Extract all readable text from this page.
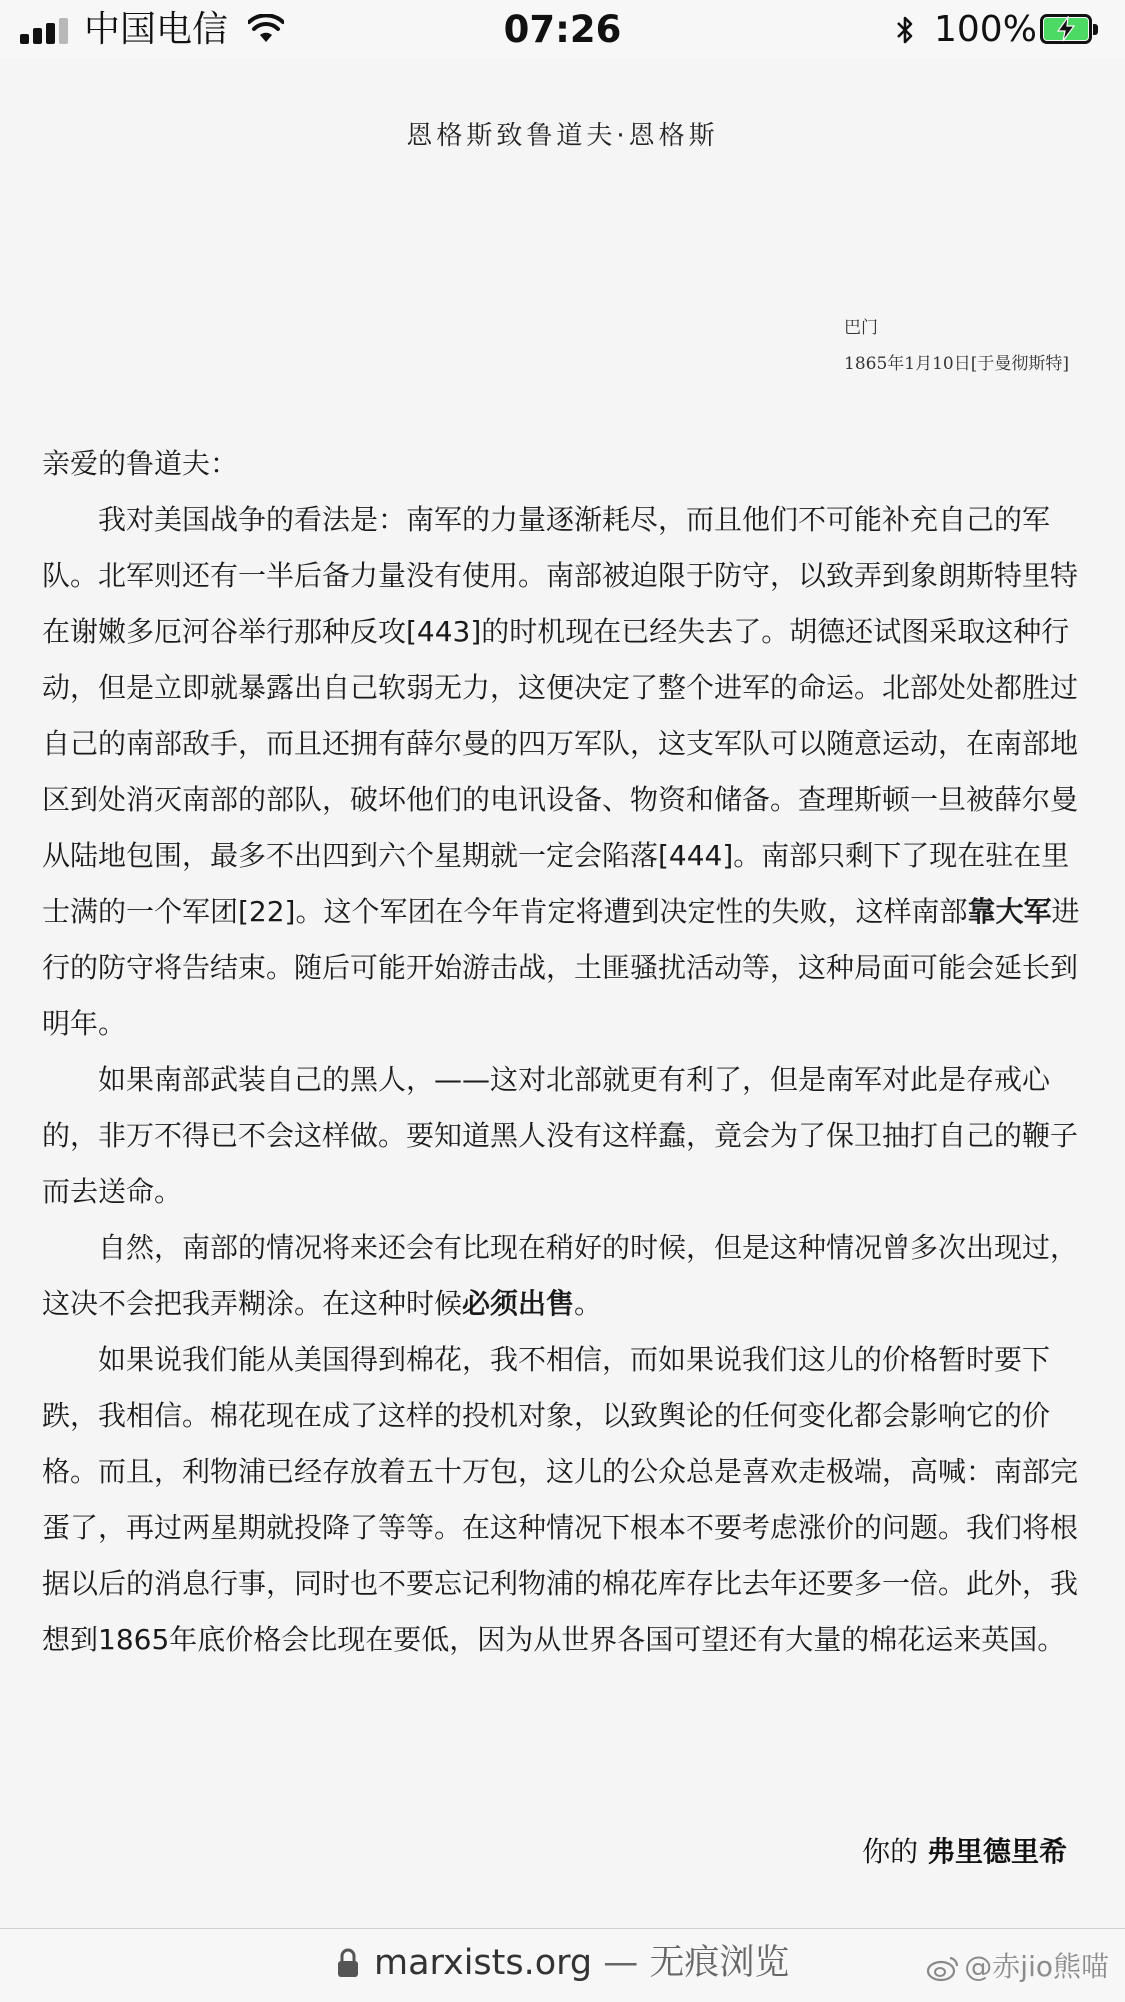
中国电信	07:26	100%
恩格斯致鲁道夫·恩格斯
巴门
1865年1月10日[于曼彻斯特]

亲爱的鲁道夫：

我对美国战争的看法是：南军的力量逐渐耗尽，而且他们不可能补充自己的军队。北军则还有一半后备力量没有使用。南部被迫限于防守，以致弄到象朗斯特里特在谢嫩多厄河谷举行那种反攻[443]的时机现在已经失去了。胡德还试图采取这种行动，但是立即就暴露出自己软弱无力，这便决定了整个进军的命运。北部处处都胜过自己的南部敌手，而且还拥有薛尔曼的四万军队，这支军队可以随意运动，在南部地区到处消灭南部的部队，破坏他们的电讯设备、物资和储备。查理斯顿一旦被薛尔曼从陆地包围，最多不出四到六个星期就一定会陷落[444]。南部只剩下了现在驻在里士满的一个军团[22]。这个军团在今年肯定将遭到决定性的失败，这样南部靠大军进行的防守将告结束。随后可能开始游击战，土匪骚扰活动等，这种局面可能会延长到明年。

如果南部武装自己的黑人，——这对北部就更有利了，但是南军对此是存戒心的，非万不得已不会这样做。要知道黑人没有这样蠢，竟会为了保卫抽打自己的鞭子而去送命。

自然，南部的情况将来还会有比现在稍好的时候，但是这种情况曾多次出现过，这决不会把我弄糊涂。在这种时候必须出售。

如果说我们能从美国得到棉花，我不相信，而如果说我们这儿的价格暂时要下跌，我相信。棉花现在成了这样的投机对象，以致舆论的任何变化都会影响它的价格。而且，利物浦已经存放着五十万包，这儿的公众总是喜欢走极端，高喊：南部完蛋了，再过两星期就投降了等等。在这种情况下根本不要考虑涨价的问题。我们将根据以后的消息行事，同时也不要忘记利物浦的棉花库存比去年还要多一倍。此外，我想到1865年底价格会比现在要低，因为从世界各国可望还有大量的棉花运来英国。

你的 弗里德里希
marxists.org — 无痕浏览	@赤jio熊喵
